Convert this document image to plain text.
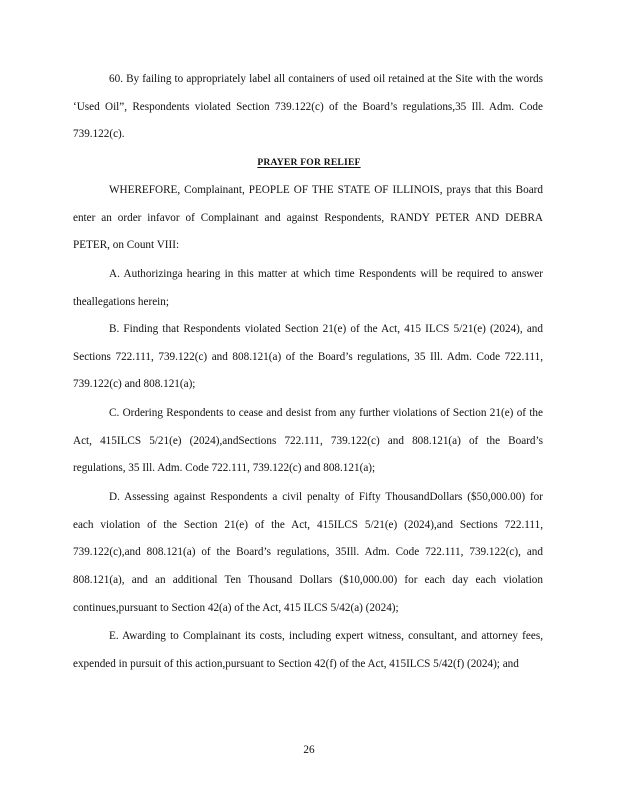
60. By failing to appropriately label all containers of used oil retained at the Site with the words ‘Used Oil”, Respondents violated Section 739.122(c) of the Board’s regulations,35 Ill. Adm. Code 739.122(c).

PRAYER FOR RELIEF

WHEREFORE, Complainant, PEOPLE OF THE STATE OF ILLINOIS, prays that this Board enter an order infavor of Complainant and against Respondents, RANDY PETER AND DEBRA PETER, on Count VIII:

A. Authorizinga hearing in this matter at which time Respondents will be required to answer theallegations herein;

B. Finding that Respondents violated Section 21(e) of the Act, 415 ILCS 5/21(e) (2024), and Sections 722.111, 739.122(c) and 808.121(a) of the Board’s regulations, 35 Ill. Adm. Code 722.111, 739.122(c) and 808.121(a);

C. Ordering Respondents to cease and desist from any further violations of Section 21(e) of the Act, 415ILCS 5/21(e) (2024),andSections 722.111, 739.122(c) and 808.121(a) of the Board’s regulations, 35 Ill. Adm. Code 722.111, 739.122(c) and 808.121(a);

D. Assessing against Respondents a civil penalty of Fifty ThousandDollars ($50,000.00) for each violation of the Section 21(e) of the Act, 415ILCS 5/21(e) (2024),and Sections 722.111, 739.122(c),and 808.121(a) of the Board’s regulations, 35Ill. Adm. Code 722.111, 739.122(c), and 808.121(a), and an additional Ten Thousand Dollars ($10,000.00) for each day each violation continues,pursuant to Section 42(a) of the Act, 415 ILCS 5/42(a) (2024);

E. Awarding to Complainant its costs, including expert witness, consultant, and attorney fees, expended in pursuit of this action,pursuant to Section 42(f) of the Act, 415ILCS 5/42(f) (2024); and

26
